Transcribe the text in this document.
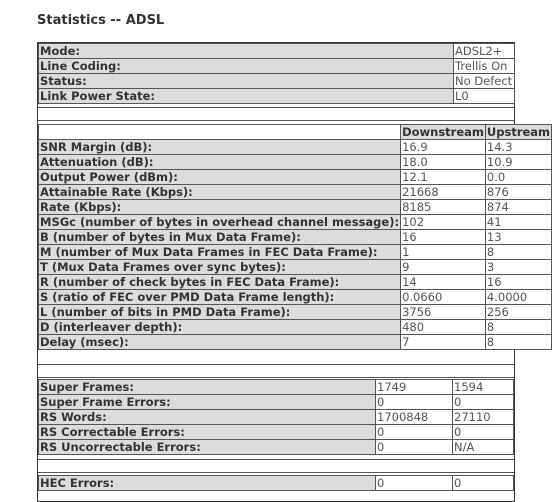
Statistics -- ADSL
Mode:	ADSL2+
Line Coding:	Trellis On
Status:	No Defect
Link Power State:	L0
	Downstream	Upstream
SNR Margin (dB):	16.9	14.3
Attenuation (dB):	18.0	10.9
Output Power (dBm):	12.1	0.0
Attainable Rate (Kbps):	21668	876
Rate (Kbps):	8185	874
MSGc (number of bytes in overhead channel message):	102	41
B (number of bytes in Mux Data Frame):	16	13
M (number of Mux Data Frames in FEC Data Frame):	1	8
T (Mux Data Frames over sync bytes):	9	3
R (number of check bytes in FEC Data Frame):	14	16
S (ratio of FEC over PMD Data Frame length):	0.0660	4.0000
L (number of bits in PMD Data Frame):	3756	256
D (interleaver depth):	480	8
Delay (msec):	7	8
Super Frames:	1749	1594
Super Frame Errors:	0	0
RS Words:	1700848	27110
RS Correctable Errors:	0	0
RS Uncorrectable Errors:	0	N/A
HEC Errors:	0	0
